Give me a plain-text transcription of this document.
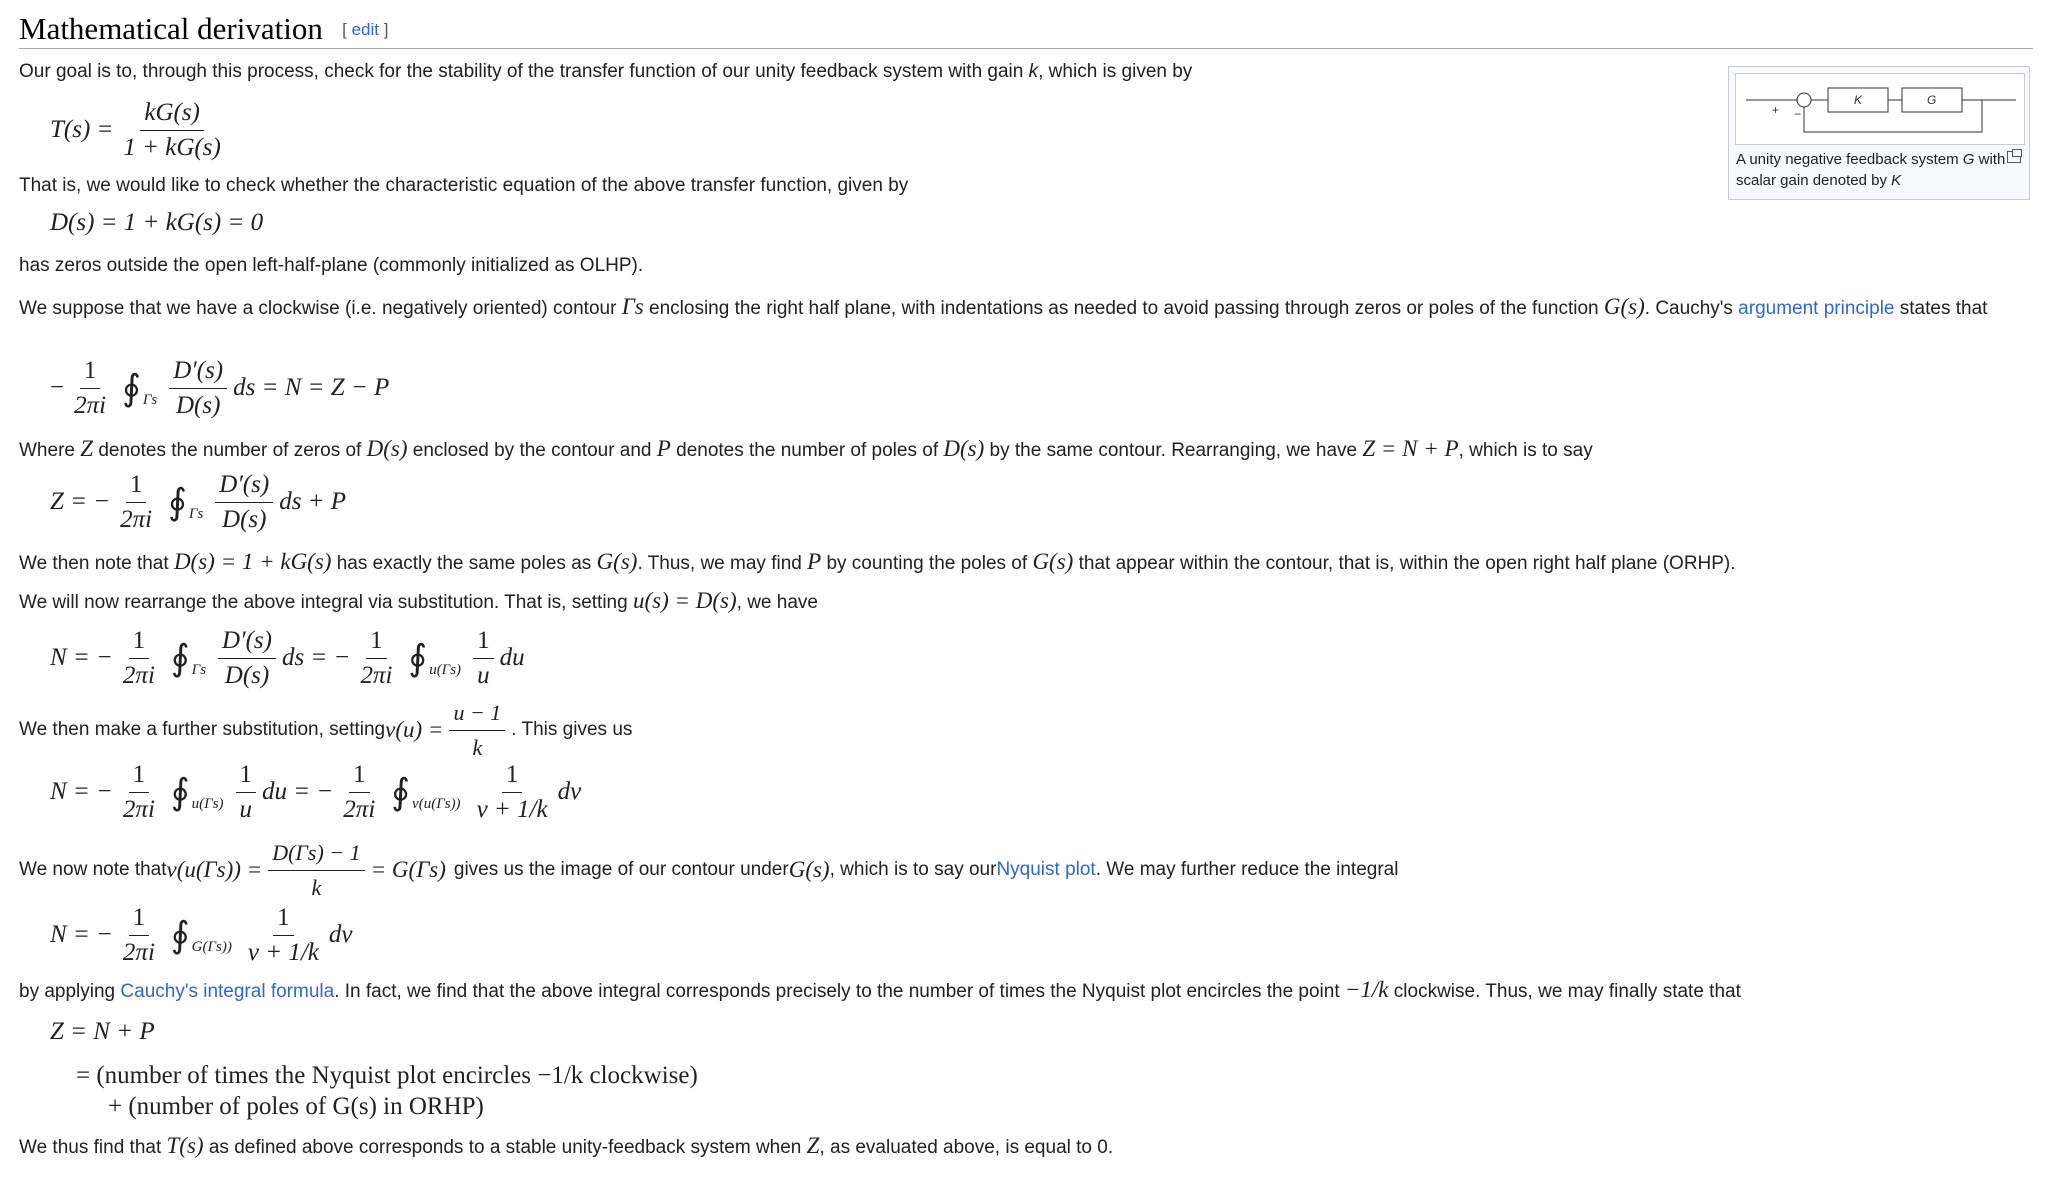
Mathematical derivation [ edit ]
+ −
K	G
A unity negative feedback system G with scalar gain denoted by K
Our goal is to, through this process, check for the stability of the transfer function of our unity feedback system with gain k, which is given by
$T(s) = \frac{kG(s)}{1 + kG(s)}$
That is, we would like to check whether the characteristic equation of the above transfer function, given by
D(s) = 1 + kG(s) = 0
has zeros outside the open left-half-plane (commonly initialized as OLHP).
We suppose that we have a clockwise (i.e. negatively oriented) contour Γs enclosing the right half plane, with indentations as needed to avoid passing through zeros or poles of the function G(s). Cauchy's argument principle states that
− $\frac{1}{2\pi i}$ ∮ Γs $\frac{D'(s)}{D(s)}$ ds = N = Z − P
Where Z denotes the number of zeros of D(s) enclosed by the contour and P denotes the number of poles of D(s) by the same contour. Rearranging, we have Z = N + P, which is to say
Z = − $\frac{1}{2\pi i}$ ∮ Γs $\frac{D'(s)}{D(s)}$ ds + P
We then note that D(s) = 1 + kG(s) has exactly the same poles as G(s). Thus, we may find P by counting the poles of G(s) that appear within the contour, that is, within the open right half plane (ORHP).
We will now rearrange the above integral via substitution. That is, setting u(s) = D(s), we have
N = − $\frac{1}{2\pi i}$ ∮ Γs $\frac{D'(s)}{D(s)}$ ds = − $\frac{1}{2\pi i}$ ∮ $u(\Gamma s) \frac{1}{u}$ du
We then make a further substitution, setting $v(u) = \frac{u - 1}{k}$ . This gives us
N = − $\frac{1}{2\pi i}$ ∮ $u(\Gamma s) \frac{1}{u}$ du = − $\frac{1}{2\pi i}$ ∮ $v(u(\Gamma s)) \frac{1}{v + 1/k}$ dv
We now note that $v(u(\Gamma s)) = \frac{D(\Gamma s) - 1}{k} = G(\Gamma s)$ gives us the image of our contour under G(s) , which is to say our Nyquist plot . We may further reduce the integral
N = − $\frac{1}{2\pi i}$ ∮ $G(\Gamma s)) \frac{1}{v + 1/k}$ dv
by applying Cauchy's integral formula. In fact, we find that the above integral corresponds precisely to the number of times the Nyquist plot encircles the point −1/k clockwise. Thus, we may finally state that
Z = N + P
= (number of times the Nyquist plot encircles −1/k clockwise)
+ (number of poles of G(s) in ORHP)
We thus find that T(s) as defined above corresponds to a stable unity-feedback system when Z, as evaluated above, is equal to 0.
